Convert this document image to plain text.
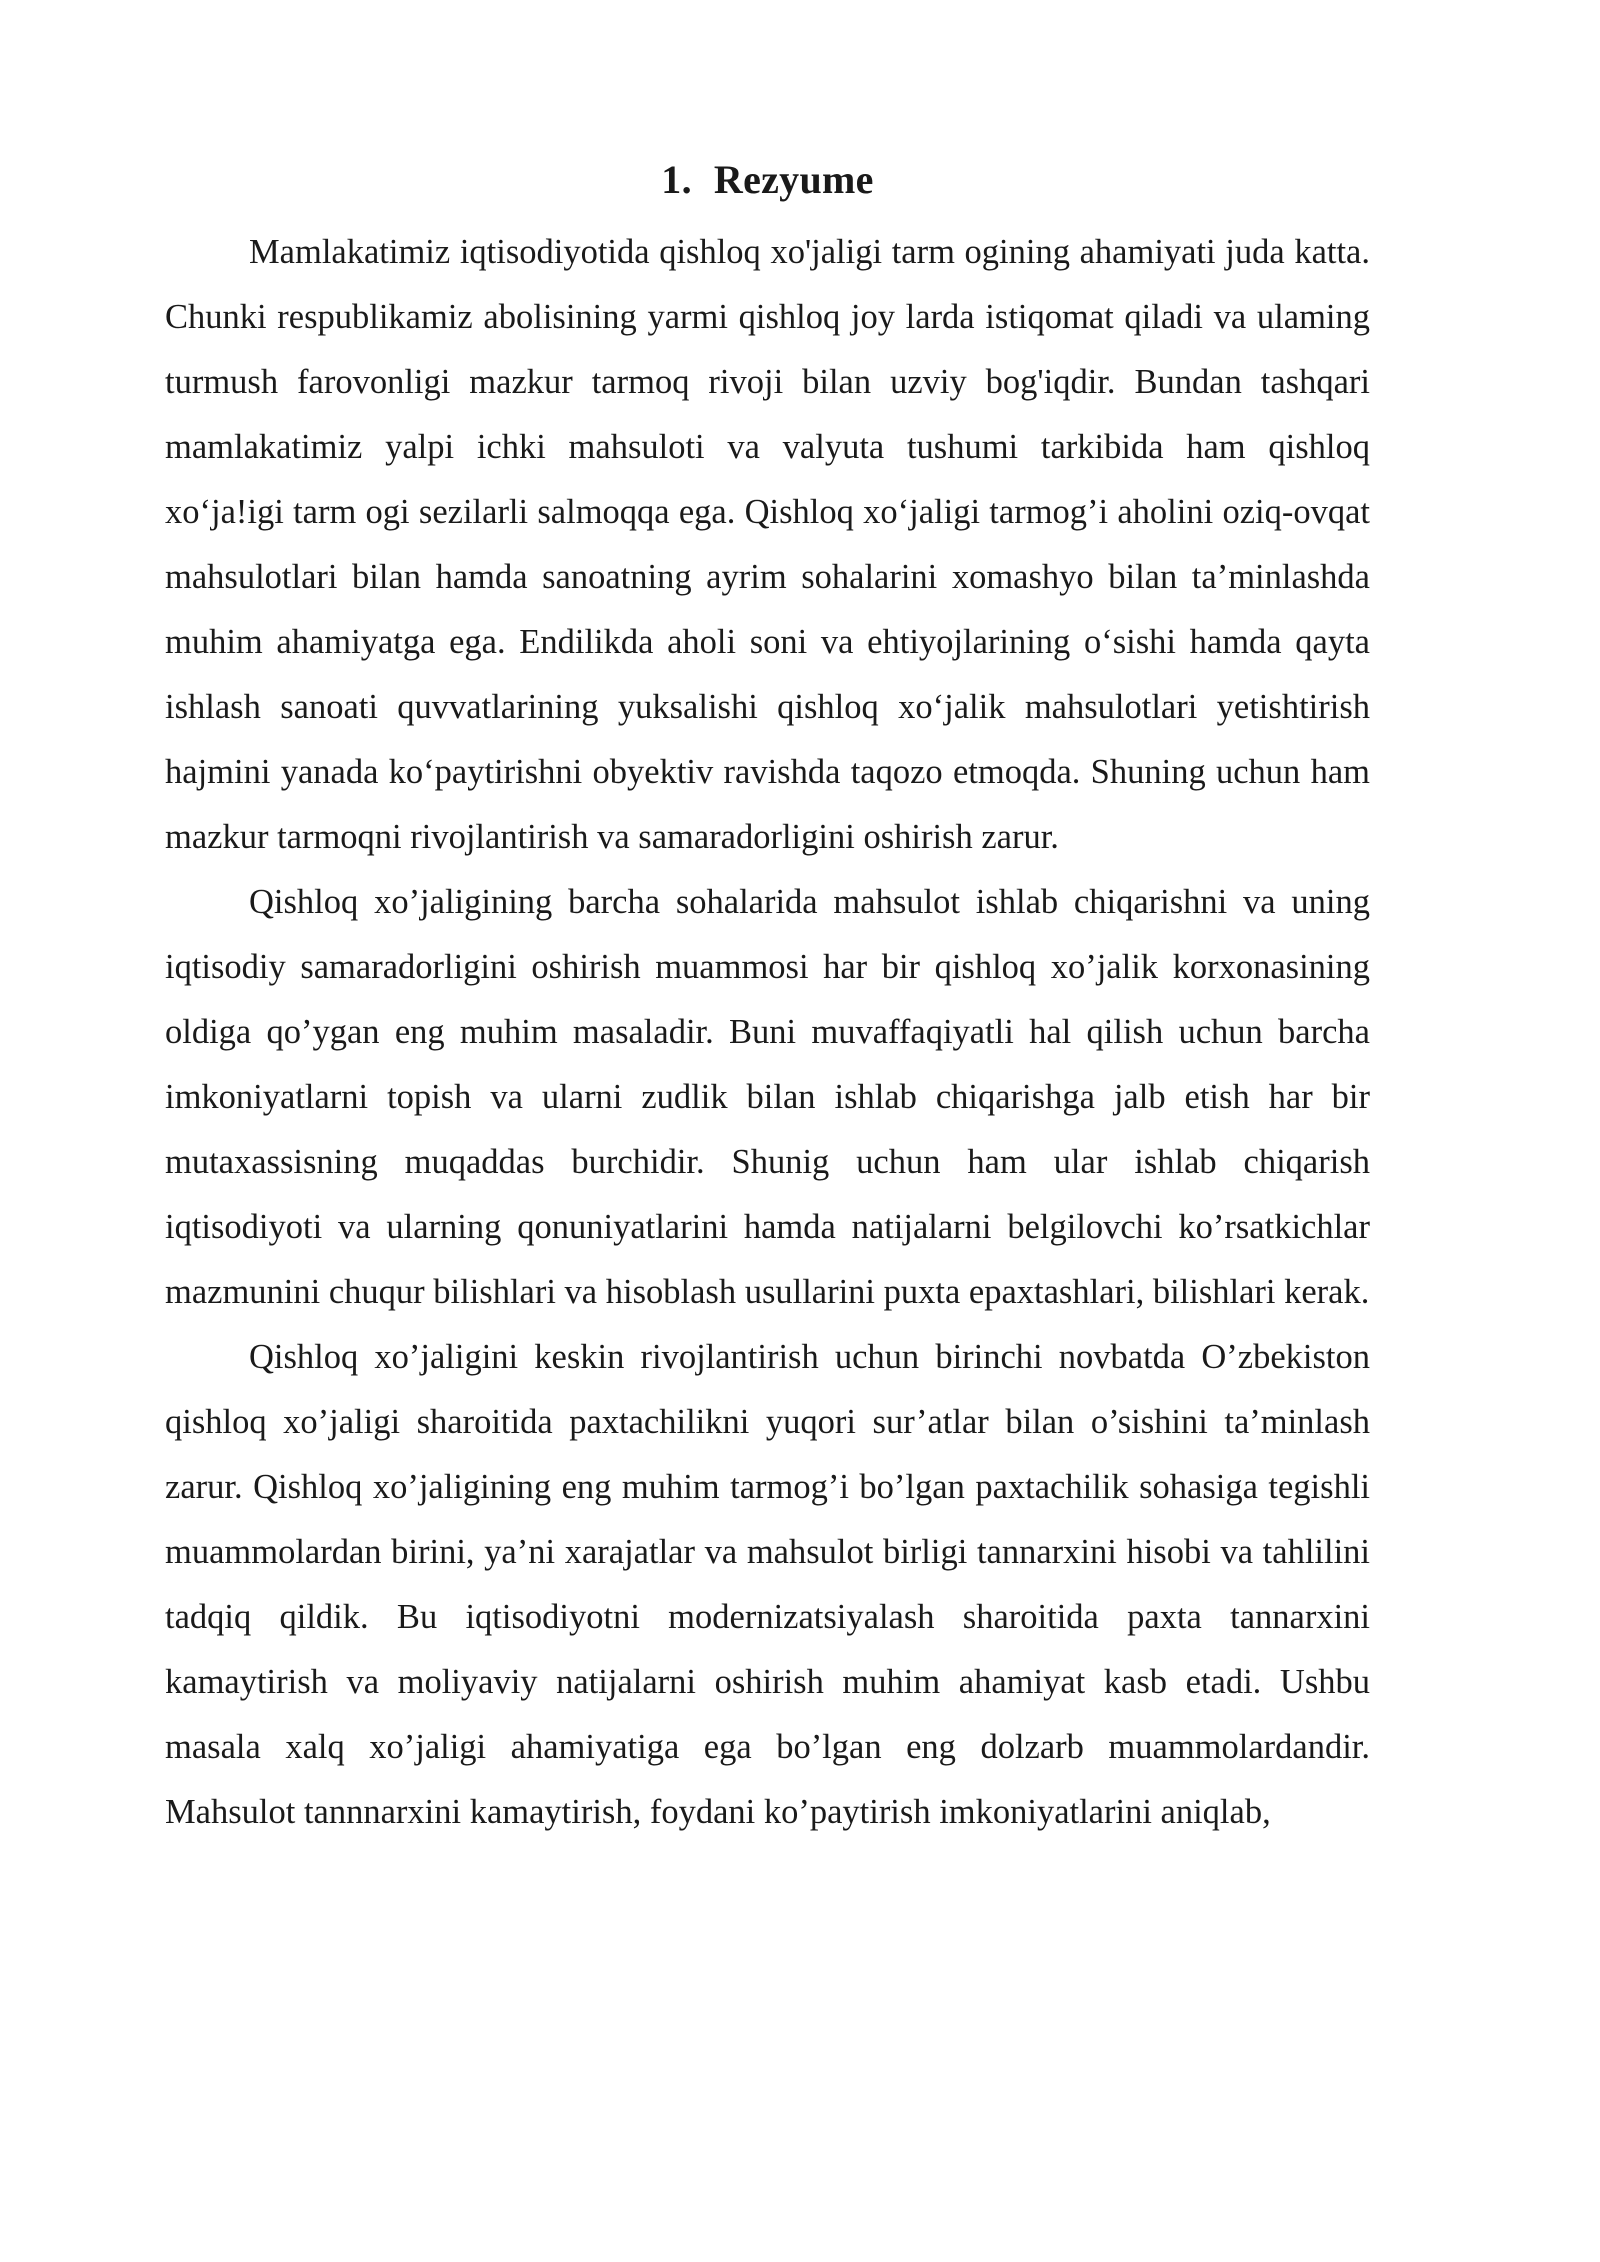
1. Rezyume

Mamlakatimiz iqtisodiyotida qishloq xo'jaligi tarm ogining ahamiyati juda katta. Chunki respublikamiz abolisining yarmi qishloq joy larda istiqomat qiladi va ulaming turmush farovonligi mazkur tarmoq rivoji bilan uzviy bog'iqdir. Bundan tashqari mamlakatimiz yalpi ichki mahsuloti va valyuta tushumi tarkibida ham qishloq xo‘ja!igi tarm ogi sezilarli salmoqqa ega. Qishloq xo‘jaligi tarmog’i aholini oziq-ovqat mahsulotlari bilan hamda sanoatning ayrim sohalarini xomashyo bilan ta’minlashda muhim ahamiyatga ega. Endilikda aholi soni va ehtiyojlarining o‘sishi hamda qayta ishlash sanoati quvvatlarining yuksalishi qishloq xo‘jalik mahsulotlari yetishtirish hajmini yanada ko‘paytirishni obyektiv ravishda taqozo etmoqda. Shuning uchun ham mazkur tarmoqni rivojlantirish va samaradorligini oshirish zarur.

Qishloq xo’jaligining barcha sohalarida mahsulot ishlab chiqarishni va uning iqtisodiy samaradorligini oshirish muammosi har bir qishloq xo’jalik korxonasining oldiga qo’ygan eng muhim masaladir. Buni muvaffaqiyatli hal qilish uchun barcha imkoniyatlarni topish va ularni zudlik bilan ishlab chiqarishga jalb etish har bir mutaxassisning muqaddas burchidir. Shunig uchun ham ular ishlab chiqarish iqtisodiyoti va ularning qonuniyatlarini hamda natijalarni belgilovchi ko’rsatkichlar mazmunini chuqur bilishlari va hisoblash usullarini puxta epaxtashlari, bilishlari kerak.

Qishloq xo’jaligini keskin rivojlantirish uchun birinchi novbatda O’zbekiston qishloq xo’jaligi sharoitida paxtachilikni yuqori sur’atlar bilan o’sishini ta’minlash zarur. Qishloq xo’jaligining eng muhim tarmog’i bo’lgan paxtachilik sohasiga tegishli muammolardan birini, ya’ni xarajatlar va mahsulot birligi tannarxini hisobi va tahlilini tadqiq qildik. Bu iqtisodiyotni modernizatsiyalash sharoitida paxta tannarxini kamaytirish va moliyaviy natijalarni oshirish muhim ahamiyat kasb etadi. Ushbu masala xalq xo’jaligi ahamiyatiga ega bo’lgan eng dolzarb muammolardandir. Mahsulot tannnarxini kamaytirish, foydani ko’paytirish imkoniyatlarini aniqlab,
